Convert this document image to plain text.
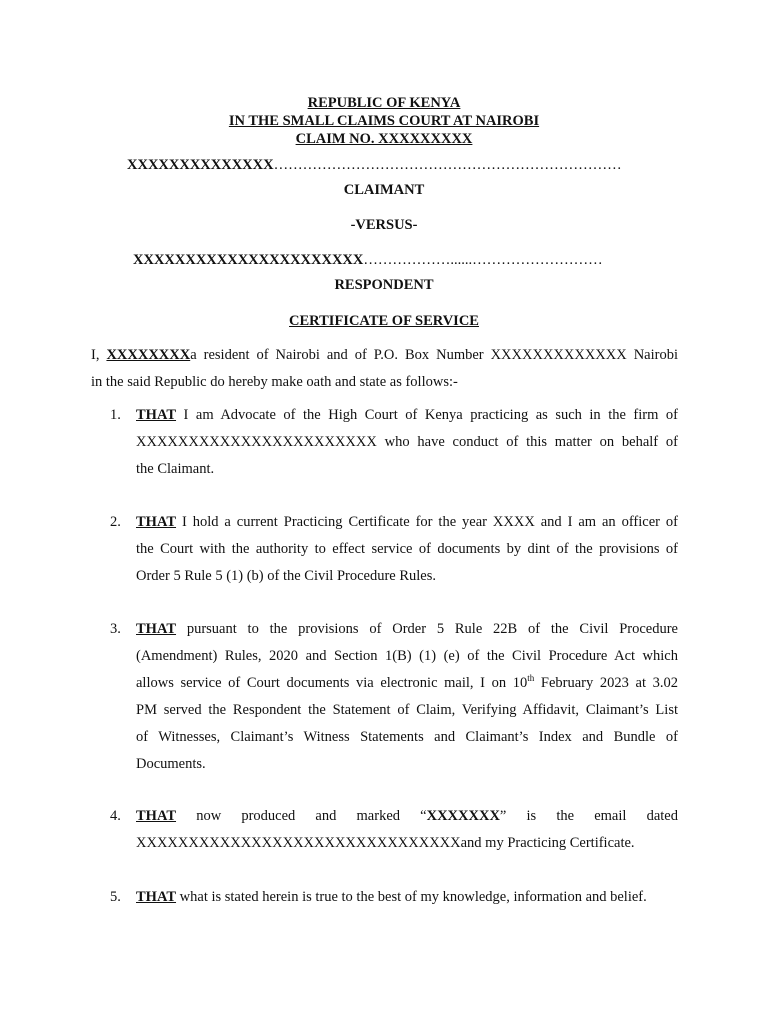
REPUBLIC OF KENYA
IN THE SMALL CLAIMS COURT AT NAIROBI
CLAIM NO. XXXXXXXXX
XXXXXXXXXXXXXX………………………………………………………………
CLAIMANT
-VERSUS-
XXXXXXXXXXXXXXXXXXXXXX………………......………………………
RESPONDENT
CERTIFICATE OF SERVICE
I, XXXXXXXXa resident of Nairobi and of P.O. Box Number XXXXXXXXXXXXX Nairobi
in the said Republic do hereby make oath and state as follows:-
1. THAT I am Advocate of the High Court of Kenya practicing as such in the firm of
XXXXXXXXXXXXXXXXXXXXXXX who have conduct of this matter on behalf of
the Claimant.
2. THAT I hold a current Practicing Certificate for the year XXXX and I am an officer of
the Court with the authority to effect service of documents by dint of the provisions of
Order 5 Rule 5 (1) (b) of the Civil Procedure Rules.
3. THAT pursuant to the provisions of Order 5 Rule 22B of the Civil Procedure
(Amendment) Rules, 2020 and Section 1(B) (1) (e) of the Civil Procedure Act which
allows service of Court documents via electronic mail, I on 10th February 2023 at 3.02
PM served the Respondent the Statement of Claim, Verifying Affidavit, Claimant’s List
of Witnesses, Claimant’s Witness Statements and Claimant’s Index and Bundle of
Documents.
4. THAT now produced and marked “XXXXXXX” is the email dated
XXXXXXXXXXXXXXXXXXXXXXXXXXXXXXXand my Practicing Certificate.
5. THAT what is stated herein is true to the best of my knowledge, information and belief.
